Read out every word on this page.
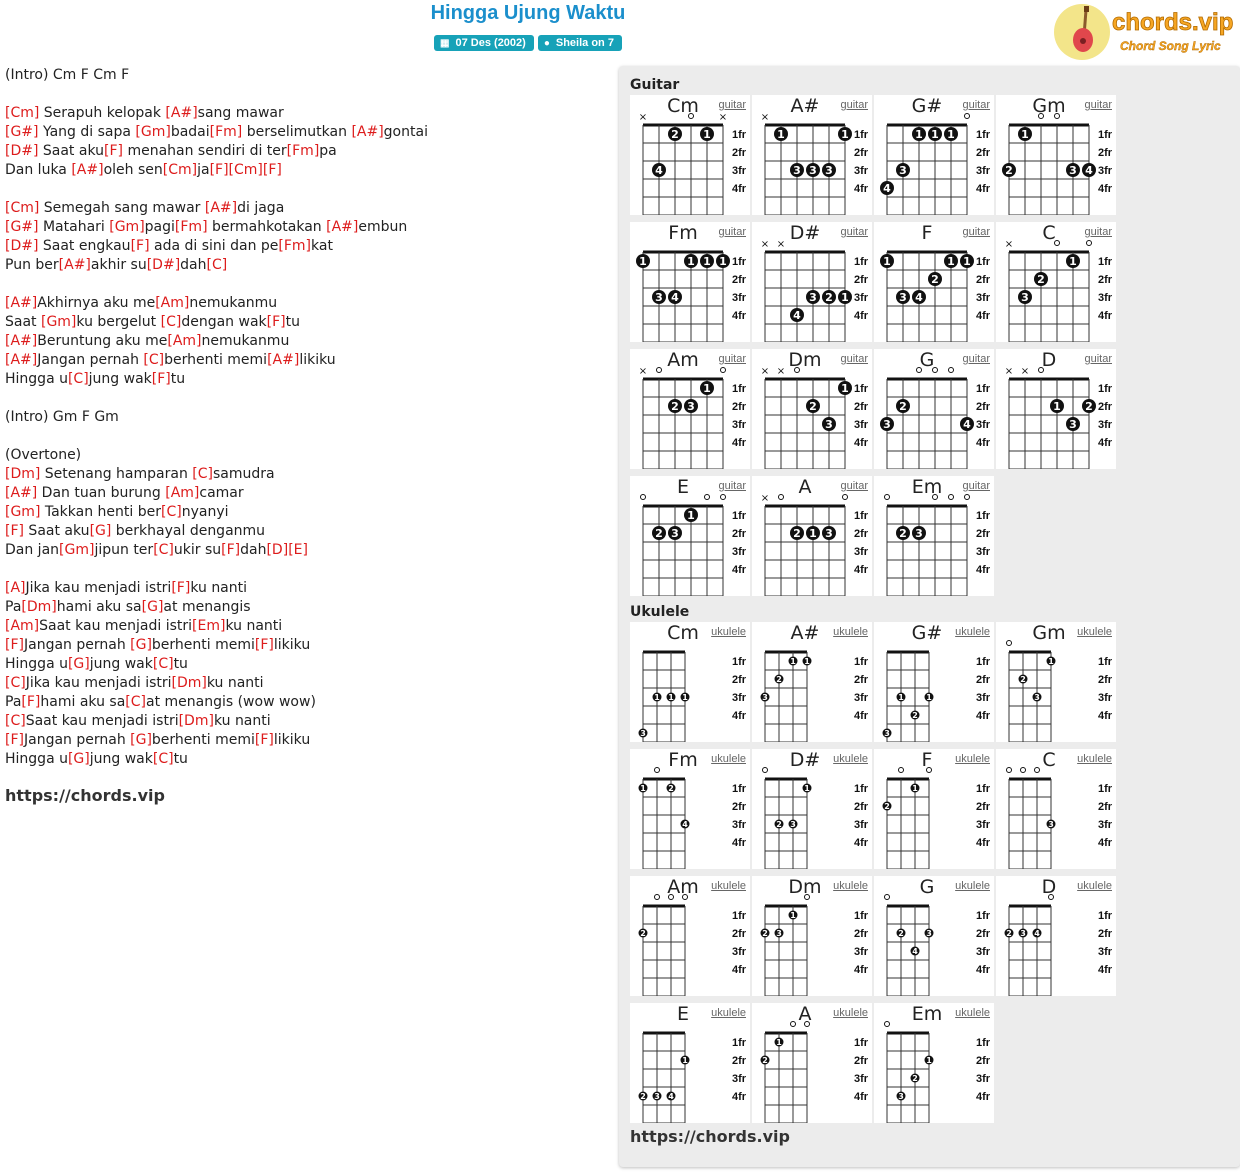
Hingga Ujung Waktu
▦ 07 Des (2002) ● Sheila on 7
chords.vip
Chord Song Lyric
(Intro) Cm F Cm F
[Cm] Serapuh kelopak [A#]sang mawar
[G#] Yang di sapa [Gm]badai[Fm] berselimutkan [A#]gontai
[D#] Saat aku[F] menahan sendiri di ter[Fm]pa
Dan luka [A#]oleh sen[Cm]ja[F][Cm][F]
[Cm] Semegah sang mawar [A#]di jaga
[G#] Matahari [Gm]pagi[Fm] bermahkotakan [A#]embun
[D#] Saat engkau[F] ada di sini dan pe[Fm]kat
Pun ber[A#]akhir su[D#]dah[C]
[A#]Akhirnya aku me[Am]nemukanmu
Saat [Gm]ku bergelut [C]dengan wak[F]tu
[A#]Beruntung aku me[Am]nemukanmu
[A#]Jangan pernah [C]berhenti memi[A#]likiku
Hingga u[C]jung wak[F]tu
(Intro) Gm F Gm
(Overtone)
[Dm] Setenang hamparan [C]samudra
[A#] Dan tuan burung [Am]camar
[Gm] Takkan henti ber[C]nyanyi
[F] Saat aku[G] berkhayal denganmu
Dan jan[Gm]jipun ter[C]ukir su[F]dah[D][E]
[A]Jika kau menjadi istri[F]ku nanti
Pa[Dm]hami aku sa[G]at menangis
[Am]Saat kau menjadi istri[Em]ku nanti
[F]Jangan pernah [G]berhenti memi[F]likiku
Hingga u[G]jung wak[C]tu
[C]Jika kau menjadi istri[Dm]ku nanti
Pa[F]hami aku sa[C]at menangis (wow wow)
[C]Saat kau menjadi istri[Dm]ku nanti
[F]Jangan pernah [G]berhenti memi[F]likiku
Hingga u[G]jung wak[C]tu
https://chords.vip
Guitar
Cm	guitar
1fr
2fr
3fr
4fr
×
4
2 1
×
A#	guitar
1fr
2fr
3fr
4fr
×
1
3 3 3
1
G#	guitar
1fr
2fr
3fr
4fr
4
3
1 1 1
Gm	guitar
1fr
2fr
3fr
4fr
2
1
3 4
Fm	guitar
1fr
2fr
3fr
4fr
1
3 4
1 1 1
D#	guitar
1fr
2fr
3fr
4fr
× ×
4
3 2 1
F	guitar
1fr
2fr
3fr
4fr
1
3 4
2
1 1
C	guitar
1fr
2fr
3fr
4fr
×
3
2
1
Am	guitar
1fr
2fr
3fr
4fr
×
2 3
1
Dm	guitar
1fr
2fr
3fr
4fr
× ×
2
3
1
G	guitar
1fr
2fr
3fr
4fr
3
2
4
D	guitar
1fr
2fr
3fr
4fr
× ×
1
3
2
E	guitar
1fr
2fr
3fr
4fr
2 3
1
A	guitar
1fr
2fr
3fr
4fr
×
2 1 3
Em	guitar
1fr
2fr
3fr
4fr
2 3
Ukulele
Cm	ukulele
1fr
2fr
3fr
4fr
3
1 1 1
A#	ukulele
1fr
2fr
3fr
4fr
3
2
1 1
G#	ukulele
1fr
2fr
3fr
4fr
3
1
2
1
Gm	ukulele
1fr
2fr
3fr
4fr
2
3
1
Fm	ukulele
1fr
2fr
3fr
4fr
1	2
4
D#	ukulele
1fr
2fr
3fr
4fr
2 3
1
F	ukulele
1fr
2fr
3fr
4fr
2
1
C	ukulele
1fr
2fr
3fr
4fr
3
Am	ukulele
1fr
2fr
3fr
4fr
2
Dm	ukulele
1fr
2fr
3fr
4fr
2 3
1
G	ukulele
1fr
2fr
3fr
4fr
2
4
3
D	ukulele
1fr
2fr
3fr
4fr
2 3 4
E	ukulele
1fr
2fr
3fr
4fr
2 3 4
1
A	ukulele
1fr
2fr
3fr
4fr
2
1
Em	ukulele
1fr
2fr
3fr
4fr
3
2
1
https://chords.vip
